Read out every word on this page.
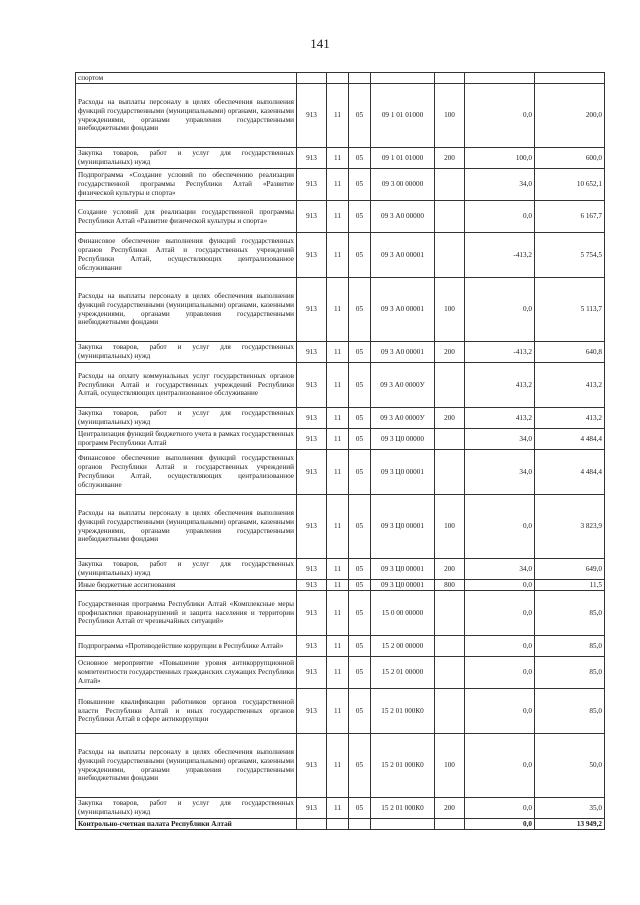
141
спортом							
Расходы на выплаты персоналу в целях обеспечения выполнения функций государственными (муниципальными) органами, казенными учреждениями, органами управления государственными внебюджетными фондами	913	11	05	09 1 01 01000	100	0,0	200,0
Закупка товаров, работ и услуг для государственных (муниципальных) нужд	913	11	05	09 1 01 01000	200	100,0	600,0
Подпрограмма «Создание условий по обеспечению реализации государственной программы Республики Алтай «Развитие физической культуры и спорта»	913	11	05	09 3 00 00000		34,0	10 652,1
Создание условий для реализации государственной программы Республики Алтай «Развитие физической культуры и спорта»	913	11	05	09 3 А0 00000		0,0	6 167,7
Финансовое обеспечение выполнения функций государственных органов Республики Алтай и государственных учреждений Республики Алтай, осуществляющих централизованное обслуживание	913	11	05	09 3 А0 00001		-413,2	5 754,5
Расходы на выплаты персоналу в целях обеспечения выполнения функций государственными (муниципальными) органами, казенными учреждениями, органами управления государственными внебюджетными фондами	913	11	05	09 3 А0 00001	100	0,0	5 113,7
Закупка товаров, работ и услуг для государственных (муниципальных) нужд	913	11	05	09 3 А0 00001	200	-413,2	640,8
Расходы на оплату коммунальных услуг государственных органов Республики Алтай и государственных учреждений Республики Алтай, осуществляющих централизованное обслуживание	913	11	05	09 3 А0 0000У		413,2	413,2
Закупка товаров, работ и услуг для государственных (муниципальных) нужд	913	11	05	09 3 А0 0000У	200	413,2	413,2
Централизация функций бюджетного учета в рамках государственных программ Республики Алтай	913	11	05	09 3 Ц0 00000		34,0	4 484,4
Финансовое обеспечение выполнения функций государственных органов Республики Алтай и государственных учреждений Республики Алтай, осуществляющих централизованное обслуживание	913	11	05	09 3 Ц0 00001		34,0	4 484,4
Расходы на выплаты персоналу в целях обеспечения выполнения функций государственными (муниципальными) органами, казенными учреждениями, органами управления государственными внебюджетными фондами	913	11	05	09 3 Ц0 00001	100	0,0	3 823,9
Закупка товаров, работ и услуг для государственных (муниципальных) нужд	913	11	05	09 3 Ц0 00001	200	34,0	649,0
Иные бюджетные ассигнования	913	11	05	09 3 Ц0 00001	800	0,0	11,5
Государственная программа Республики Алтай «Комплексные меры профилактики правонарушений и защита населения и территории Республики Алтай от чрезвычайных ситуаций»	913	11	05	15 0 00 00000		0,0	85,0
Подпрограмма «Противодействие коррупции в Республике Алтай»	913	11	05	15 2 00 00000		0,0	85,0
Основное мероприятие «Повышение уровня антикоррупционной компетентности государственных гражданских служащих Республики Алтай»	913	11	05	15 2 01 00000		0,0	85,0
Повышение квалификации работников органов государственной власти Республики Алтай и иных государственных органов Республики Алтай в сфере антикоррупции	913	11	05	15 2 01 000К0		0,0	85,0
Расходы на выплаты персоналу в целях обеспечения выполнения функций государственными (муниципальными) органами, казенными учреждениями, органами управления государственными внебюджетными фондами	913	11	05	15 2 01 000К0	100	0,0	50,0
Закупка товаров, работ и услуг для государственных (муниципальных) нужд	913	11	05	15 2 01 000К0	200	0,0	35,0
Контрольно-счетная палата Республики Алтай						0,0	13 949,2
